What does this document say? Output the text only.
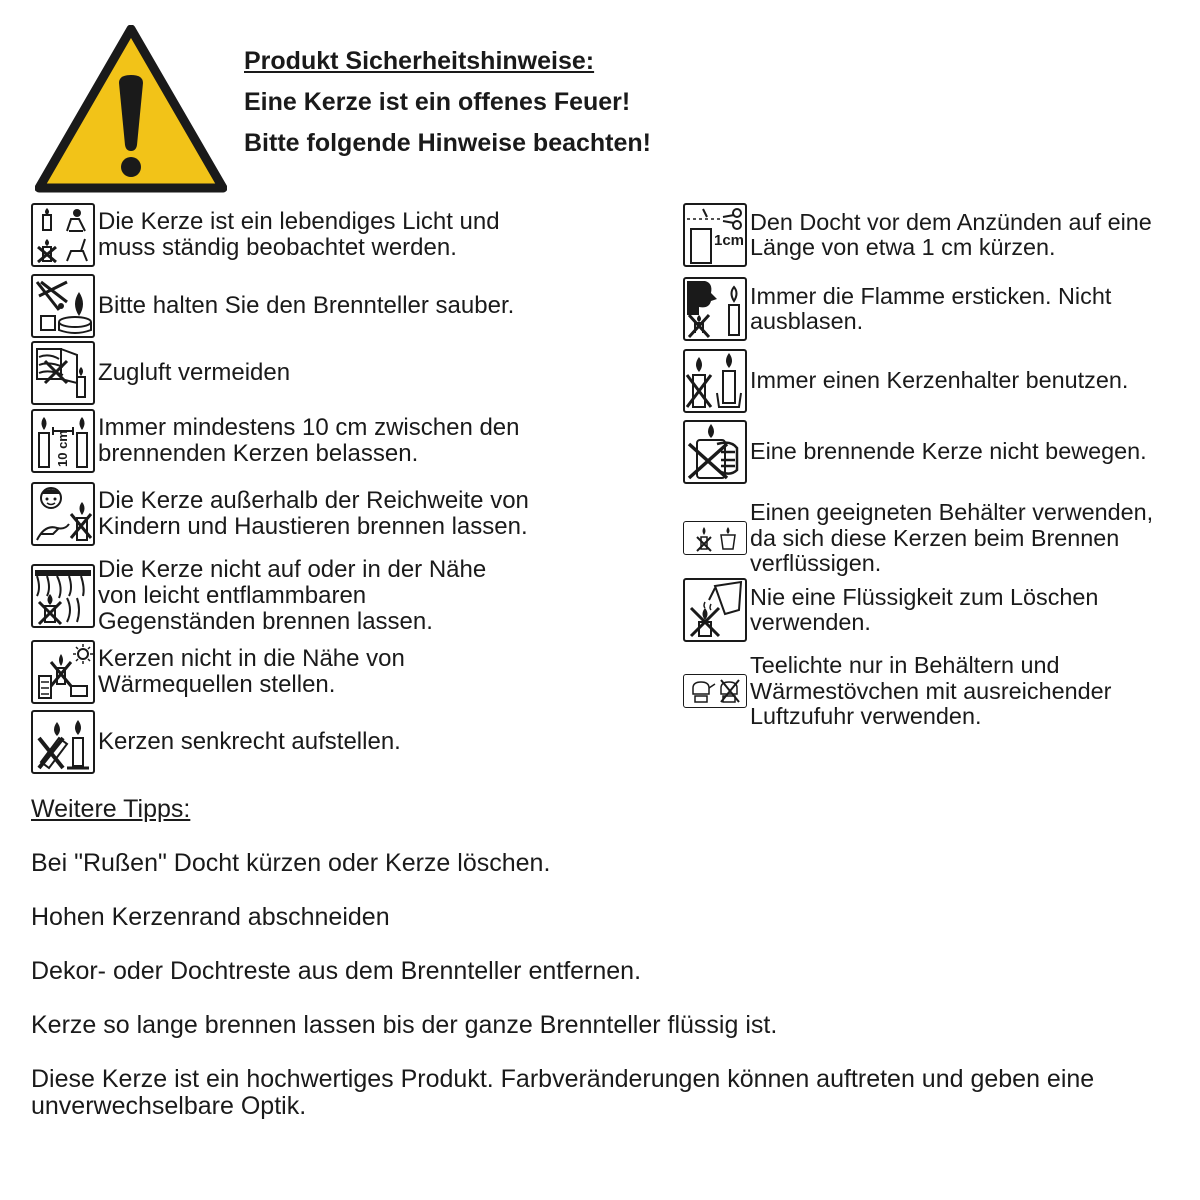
Produkt Sicherheitshinweise:
Eine Kerze ist ein offenes Feuer!
Bitte folgende Hinweise beachten!
Die Kerze ist ein lebendiges Licht und
muss ständig beobachtet werden.
Bitte halten Sie den Brennteller sauber.
Zugluft vermeiden
10 cm
Immer mindestens 10 cm zwischen den
brennenden Kerzen belassen.
Die Kerze außerhalb der Reichweite von
Kindern und Haustieren brennen lassen.
Die Kerze nicht auf oder in der Nähe
von leicht entflammbaren
Gegenständen brennen lassen.
Kerzen nicht in die Nähe von
Wärmequellen stellen.
Kerzen senkrecht aufstellen.
1cm
Den Docht vor dem Anzünden auf eine
Länge von etwa 1 cm kürzen.
Immer die Flamme ersticken. Nicht
ausblasen.
Immer einen Kerzenhalter benutzen.
Eine brennende Kerze nicht bewegen.
Einen geeigneten Behälter verwenden,
da sich diese Kerzen beim Brennen
verflüssigen.
Nie eine Flüssigkeit zum Löschen
verwenden.
Teelichte nur in Behältern und
Wärmestövchen mit ausreichender
Luftzufuhr verwenden.
Weitere Tipps:

Bei "Rußen" Docht kürzen oder Kerze löschen.

Hohen Kerzenrand abschneiden

Dekor- oder Dochtreste aus dem Brennteller entfernen.

Kerze so lange brennen lassen bis der ganze Brennteller flüssig ist.

Diese Kerze ist ein hochwertiges Produkt. Farbveränderungen können auftreten und geben eine unverwechselbare Optik.
